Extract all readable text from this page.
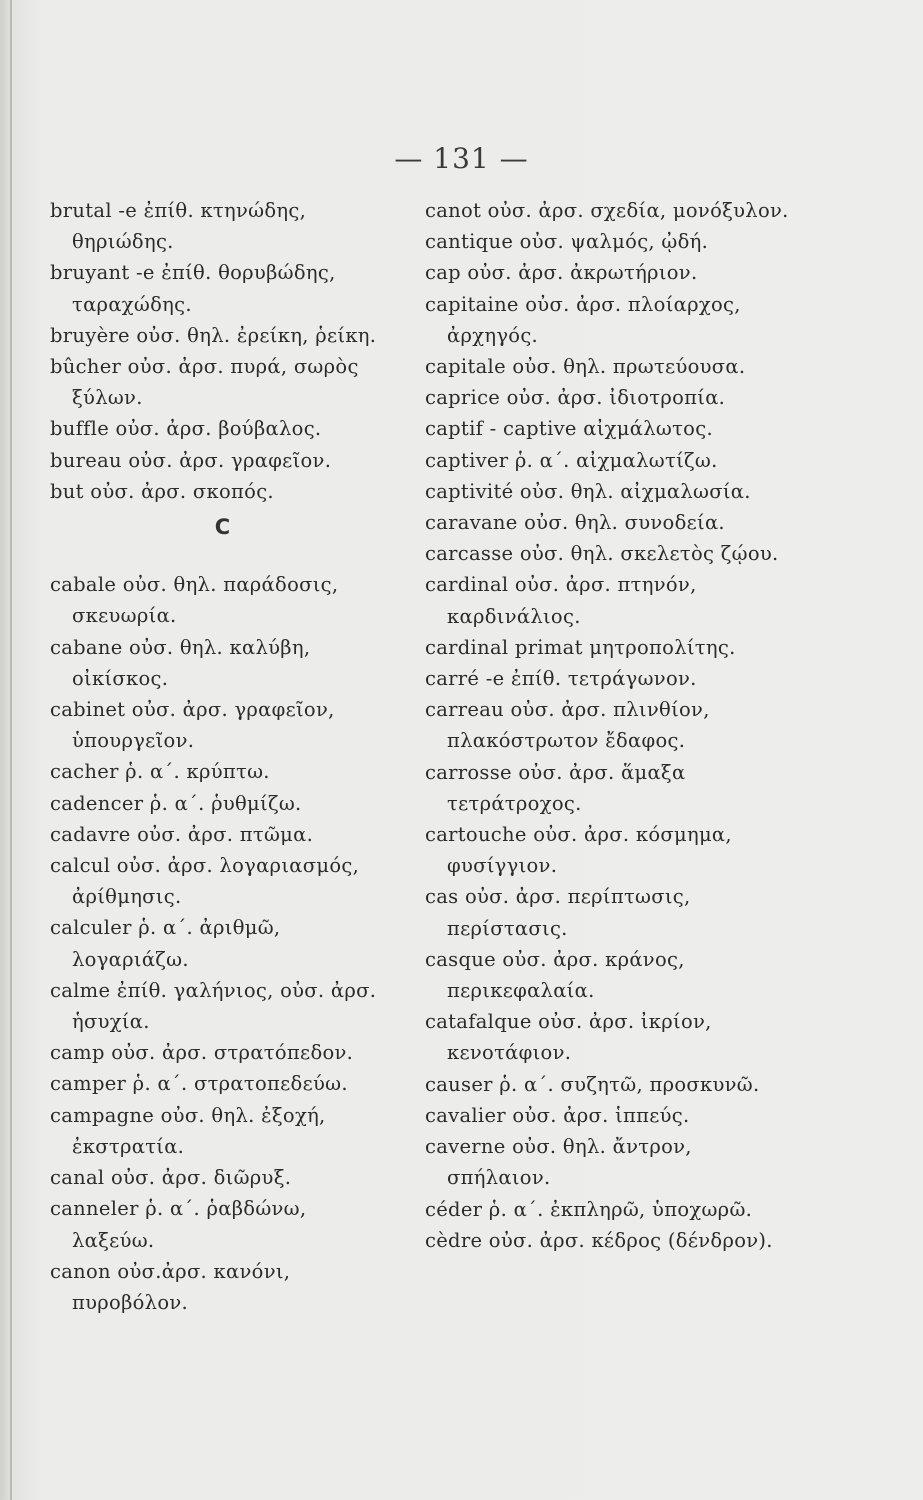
— 131 —
brutal -e ἐπίθ. κτηνώδης, θηριώδης.
bruyant -e ἐπίθ. θορυβώδης, ταραχώδης.
bruyère οὐσ. θηλ. ἐρείκη, ῥείκη.
bûcher οὐσ. ἀρσ. πυρά, σωρὸς ξύλων.
buffle οὐσ. ἀρσ. βούβαλος.
bureau οὐσ. ἀρσ. γραφεῖον.
but οὐσ. ἀρσ. σκοπός.
C
cabale οὐσ. θηλ. παράδοσις, σκευωρία.
cabane οὐσ. θηλ. καλύβη, οἰκίσκος.
cabinet οὐσ. ἀρσ. γραφεῖον, ὑπουργεῖον.
cacher ῥ. α΄. κρύπτω.
cadencer ῥ. α΄. ῥυθμίζω.
cadavre οὐσ. ἀρσ. πτῶμα.
calcul οὐσ. ἀρσ. λογαριασμός, ἀρίθμησις.
calculer ῥ. α΄. ἀριθμῶ, λογαριάζω.
calme ἐπίθ. γαλήνιος, οὐσ. ἀρσ. ἡσυχία.
camp οὐσ. ἀρσ. στρατόπεδον.
camper ῥ. α΄. στρατοπεδεύω.
campagne οὐσ. θηλ. ἐξοχή, ἐκστρατία.
canal οὐσ. ἀρσ. διῶρυξ.
canneler ῥ. α΄. ῥαβδώνω, λαξεύω.
canon οὐσ.ἀρσ. κανόνι, πυροβόλον.
canot οὐσ. ἀρσ. σχεδία, μονόξυλον.
cantique οὐσ. ψαλμός, ᾠδή.
cap οὐσ. ἀρσ. ἀκρωτήριον.
capitaine οὐσ. ἀρσ. πλοίαρχος, ἀρχηγός.
capitale οὐσ. θηλ. πρωτεύουσα.
caprice οὐσ. ἀρσ. ἰδιοτροπία.
captif - captive αἰχμάλωτος.
captiver ῥ. α΄. αἰχμαλωτίζω.
captivité οὐσ. θηλ. αἰχμαλωσία.
caravane οὐσ. θηλ. συνοδεία.
carcasse οὐσ. θηλ. σκελετὸς ζῴου.
cardinal οὐσ. ἀρσ. πτηνόν, καρδινάλιος.
cardinal primat μητροπολίτης.
carré -e ἐπίθ. τετράγωνον.
carreau οὐσ. ἀρσ. πλινθίον, πλακόστρωτον ἔδαφος.
carrosse οὐσ. ἀρσ. ἅμαξα τετράτροχος.
cartouche οὐσ. ἀρσ. κόσμημα, φυσίγγιον.
cas οὐσ. ἀρσ. περίπτωσις, περίστασις.
casque οὐσ. ἀρσ. κράνος, περικεφαλαία.
catafalque οὐσ. ἀρσ. ἰκρίον, κενοτάφιον.
causer ῥ. α΄. συζητῶ, προσκυνῶ.
cavalier οὐσ. ἀρσ. ἱππεύς.
caverne οὐσ. θηλ. ἄντρον, σπήλαιον.
céder ῥ. α΄. ἐκπληρῶ, ὑποχωρῶ.
cèdre οὐσ. ἀρσ. κέδρος (δένδρον).
